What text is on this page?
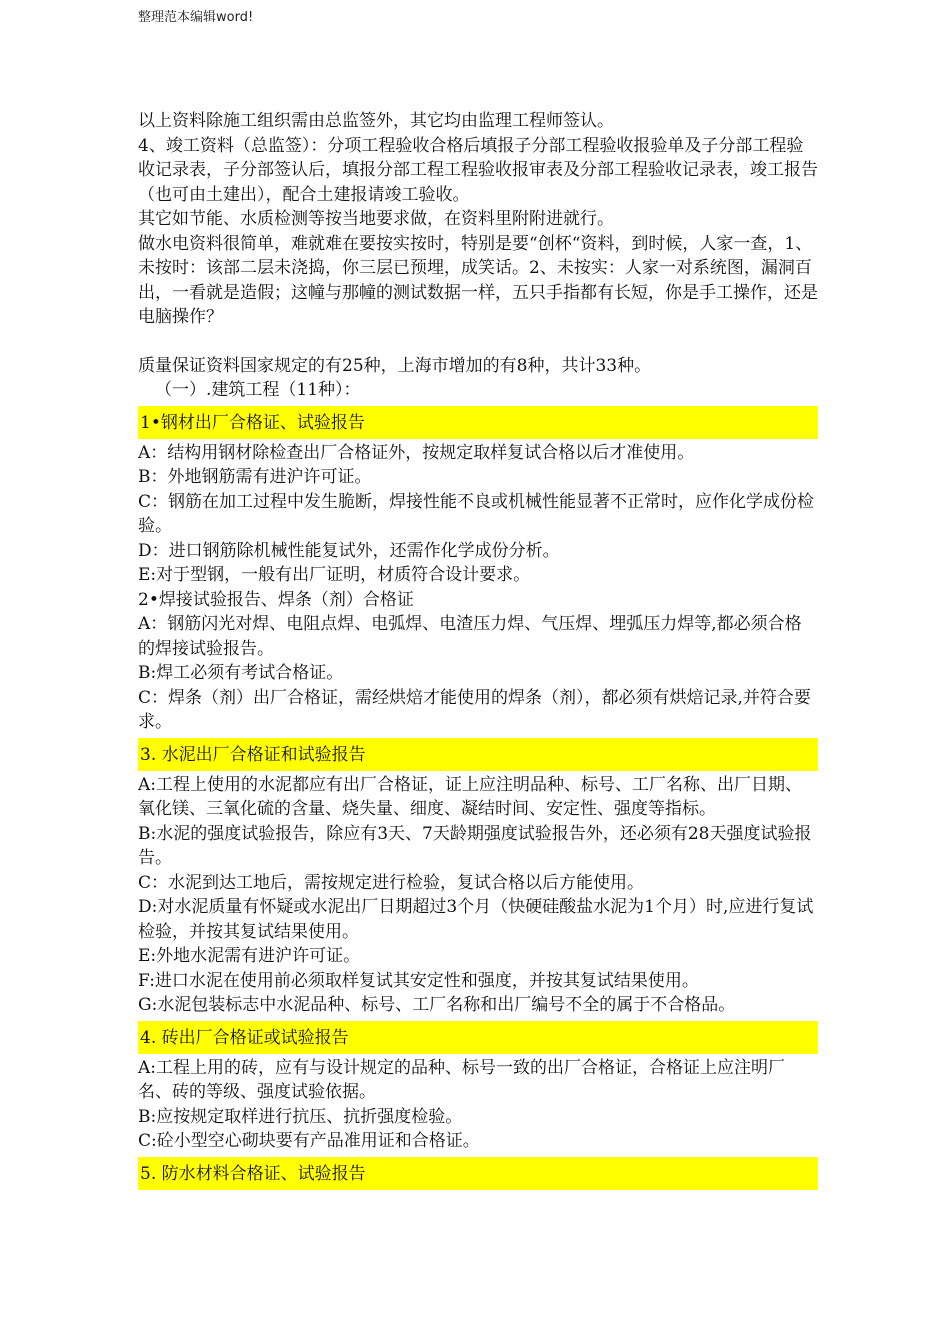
整理范本编辑word!

以上资料除施工组织需由总监签外，其它均由监理工程师签认。

4、竣工资料（总监签）：分项工程验收合格后填报子分部工程验收报验单及子分部工程验收记录表，子分部签认后，填报分部工程工程验收报审表及分部工程验收记录表，竣工报告（也可由土建出），配合土建报请竣工验收。

其它如节能、水质检测等按当地要求做，在资料里附附进就行。

做水电资料很简单，难就难在要按实按时，特别是要“创杯“资料，到时候，人家一查，1、未按时：该部二层未浇捣，你三层已预埋，成笑话。2、未按实：人家一对系统图，漏洞百出，一看就是造假；这幢与那幢的测试数据一样，五只手指都有长短，你是手工操作，还是电脑操作？

质量保证资料国家规定的有25种，上海市增加的有8种，共计33种。

（一）.建筑工程（11种）：

1•钢材出厂合格证、试验报告

A：结构用钢材除检查出厂合格证外，按规定取样复试合格以后才准使用。

B：外地钢筋需有进沪许可证。

C：钢筋在加工过程中发生脆断，焊接性能不良或机械性能显著不正常时，应作化学成份检验。

D：进口钢筋除机械性能复试外，还需作化学成份分析。

E:对于型钢，一般有出厂证明，材质符合设计要求。

2•焊接试验报告、焊条（剂）合格证

A：钢筋闪光对焊、电阻点焊、电弧焊、电渣压力焊、气压焊、埋弧压力焊等,都必须合格的焊接试验报告。

B:焊工必须有考试合格证。

C：焊条（剂）出厂合格证，需经烘焙才能使用的焊条（剂），都必须有烘焙记录,并符合要求。

3. 水泥出厂合格证和试验报告

A:工程上使用的水泥都应有出厂合格证，证上应注明品种、标号、工厂名称、出厂日期、氧化镁、三氧化硫的含量、烧失量、细度、凝结时间、安定性、强度等指标。

B:水泥的强度试验报告，除应有3天、7天龄期强度试验报告外，还必须有28天强度试验报告。

C：水泥到达工地后，需按规定进行检验，复试合格以后方能使用。

D:对水泥质量有怀疑或水泥出厂日期超过3个月（快硬硅酸盐水泥为1个月）时,应进行复试检验，并按其复试结果使用。

E:外地水泥需有进沪许可证。

F:进口水泥在使用前必须取样复试其安定性和强度，并按其复试结果使用。

G:水泥包装标志中水泥品种、标号、工厂名称和出厂编号不全的属于不合格品。

4. 砖出厂合格证或试验报告

A:工程上用的砖，应有与设计规定的品种、标号一致的出厂合格证，合格证上应注明厂名、砖的等级、强度试验依据。

B:应按规定取样进行抗压、抗折强度检验。

C:砼小型空心砌块要有产品准用证和合格证。

5. 防水材料合格证、试验报告
